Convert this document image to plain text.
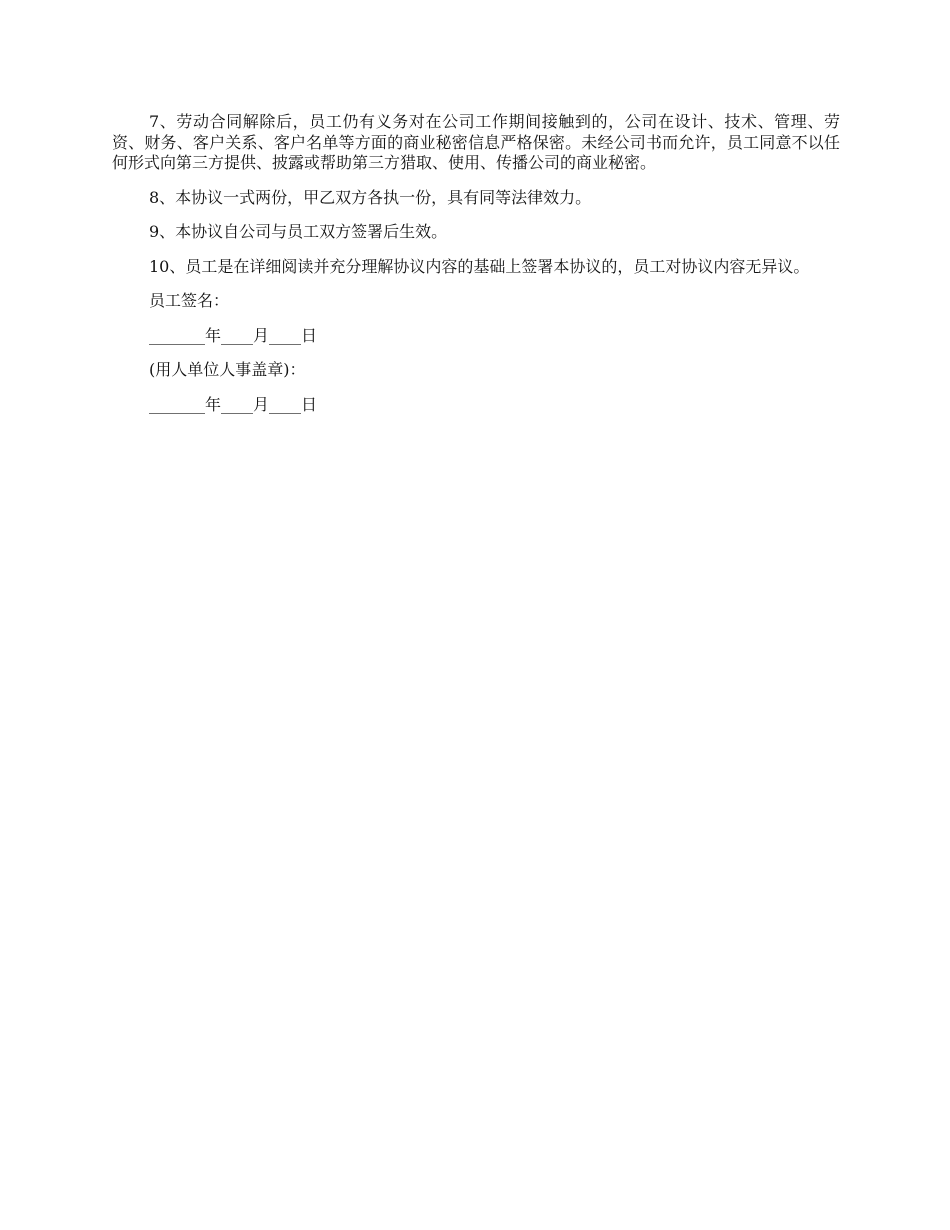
7、劳动合同解除后，员工仍有义务对在公司工作期间接触到的，公司在设计、技术、管理、劳资、财务、客户关系、客户名单等方面的商业秘密信息严格保密。未经公司书而允许，员工同意不以任何形式向第三方提供、披露或帮助第三方猎取、使用、传播公司的商业秘密。

8、本协议一式两份，甲乙双方各执一份，具有同等法律效力。

9、本协议自公司与员工双方签署后生效。

10、员工是在详细阅读并充分理解协议内容的基础上签署本协议的，员工对协议内容无异议。

员工签名：

_______年____月____日

(用人单位人事盖章)：

_______年____月____日
